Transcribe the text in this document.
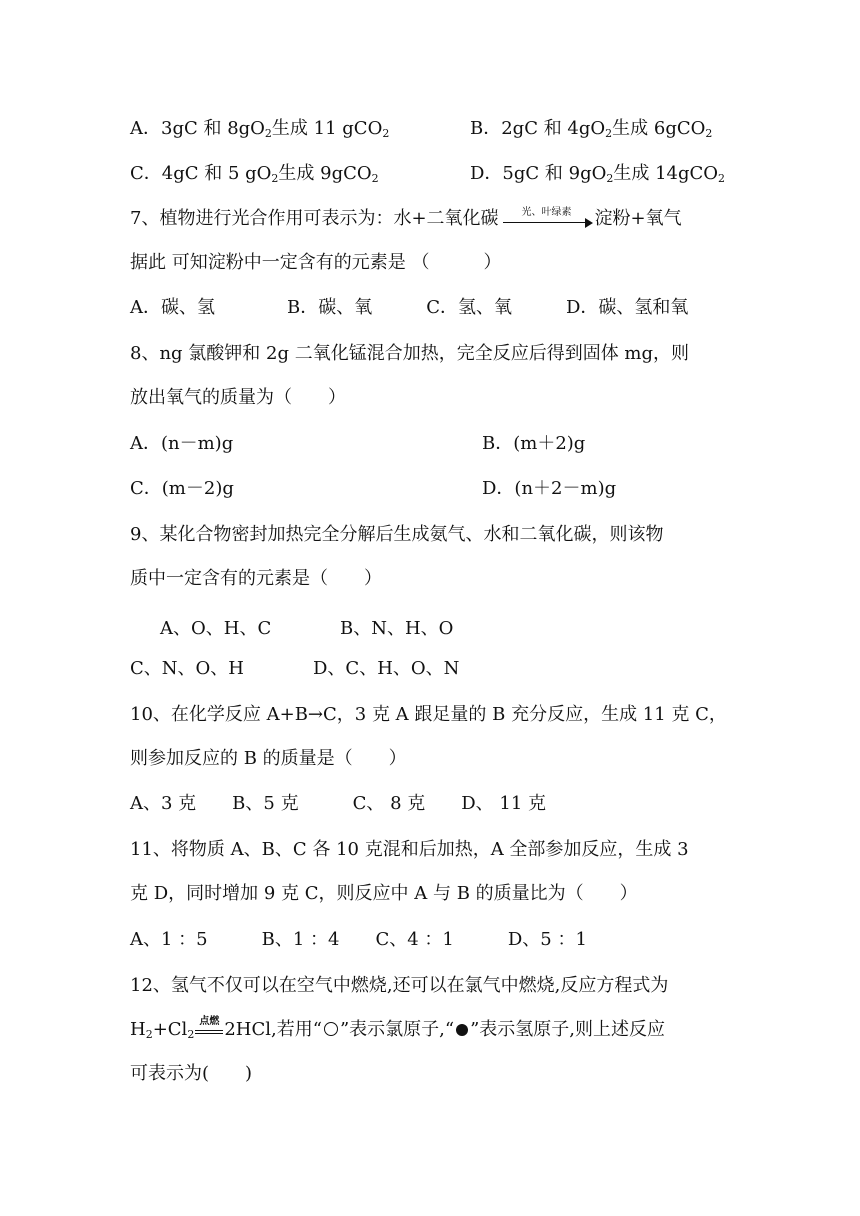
A．3gC 和 $8gO_2$生成 11 gCO$_2$	B．2gC 和 $4gO_2$生成 6gCO$_2$
C．4gC 和 5 $gO_2$生成 9gCO$_2$	D．5gC 和 $9gO_2$生成 14gCO$_2$
7、植物进行光合作用可表示为：水+二氧化碳	光、叶绿素	淀粉+氧气
据此 可知淀粉中一定含有的元素是 （　　　）
A．碳、氢　　　　B．碳、氧　　　C．氢、氧　　　D．碳、氢和氧
8、ng 氯酸钾和 2g 二氧化锰混合加热，完全反应后得到固体 mg，则
放出氧气的质量为（　　）
A．(n－m)g	B．(m＋2)g
C．(m－2)g	D．(n＋2－m)g
9、某化合物密封加热完全分解后生成氨气、水和二氧化碳，则该物
质中一定含有的元素是（　　）
A、O、H、C	B、N、H、O
C、N、O、H	D、C、H、O、N
10、在化学反应 A+B→C，3 克 A 跟足量的 B 充分反应，生成 11 克 C，
则参加反应的 B 的质量是（　　）
A、3 克　　B、5 克　　　C、 8 克　　D、 11 克
11、将物质 A、B、C 各 10 克混和后加热，A 全部参加反应，生成 3
克 D，同时增加 9 克 C，则反应中 A 与 B 的质量比为（　　）
A、1 ：5　　　B、1 ：4　　C、4 ：1　　　D、5 ：1
12、氢气不仅可以在空气中燃烧,还可以在氯气中燃烧,反应方程式为
$H_2+Cl_2$
点燃 2HCl,若用“ ”表示氯原子,“ ”表示氢原子,则上述反应
可表示为(　　)
